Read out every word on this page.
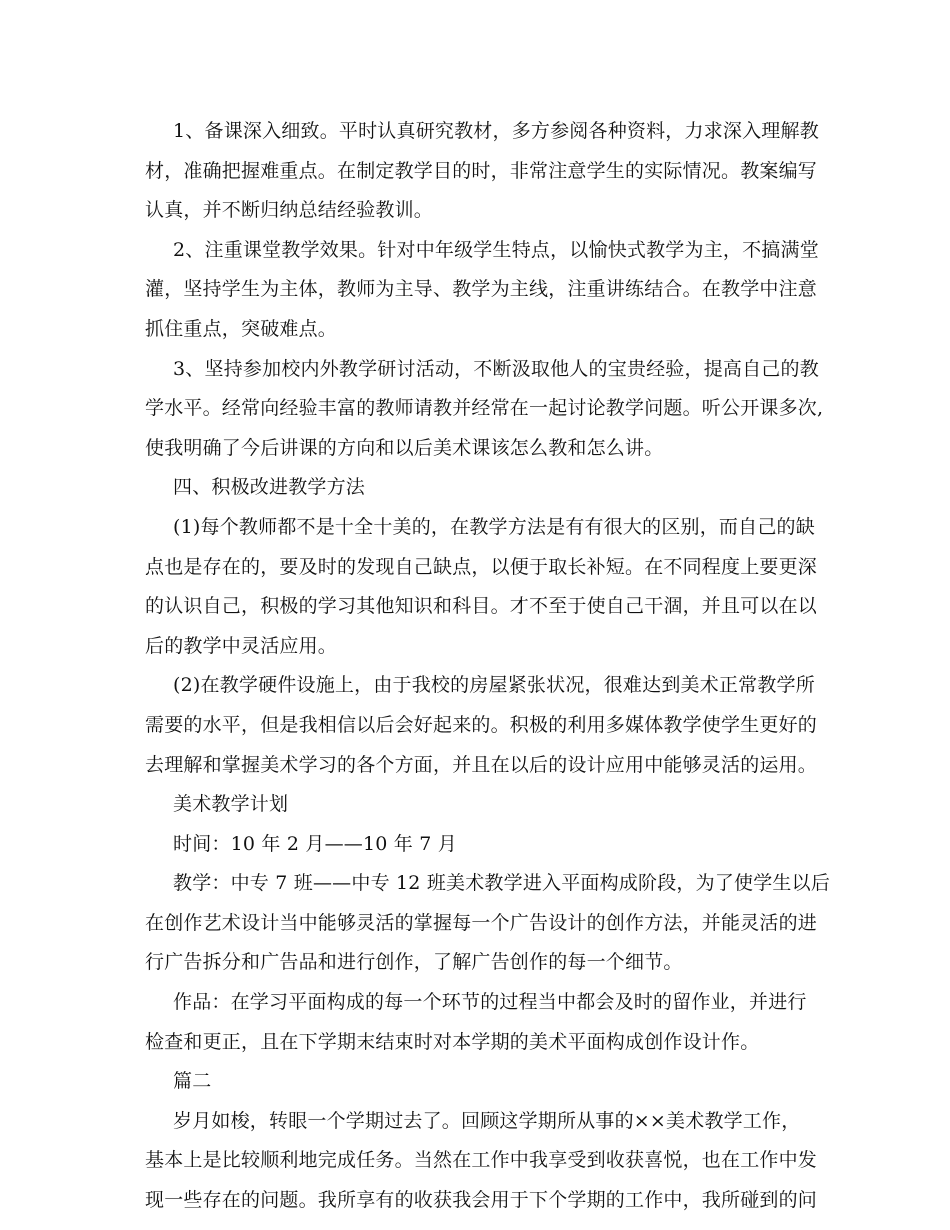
1、备课深入细致。平时认真研究教材，多方参阅各种资料，力求深入理解教
材，准确把握难重点。在制定教学目的时，非常注意学生的实际情况。教案编写
认真，并不断归纳总结经验教训。
2、注重课堂教学效果。针对中年级学生特点，以愉快式教学为主，不搞满堂
灌，坚持学生为主体，教师为主导、教学为主线，注重讲练结合。在教学中注意
抓住重点，突破难点。
3、坚持参加校内外教学研讨活动，不断汲取他人的宝贵经验，提高自己的教
学水平。经常向经验丰富的教师请教并经常在一起讨论教学问题。听公开课多次,
使我明确了今后讲课的方向和以后美术课该怎么教和怎么讲。
四、积极改进教学方法
(1)每个教师都不是十全十美的，在教学方法是有有很大的区别，而自己的缺
点也是存在的，要及时的发现自己缺点，以便于取长补短。在不同程度上要更深
的认识自己，积极的学习其他知识和科目。才不至于使自己干涸，并且可以在以
后的教学中灵活应用。
(2)在教学硬件设施上，由于我校的房屋紧张状况，很难达到美术正常教学所
需要的水平，但是我相信以后会好起来的。积极的利用多媒体教学使学生更好的
去理解和掌握美术学习的各个方面，并且在以后的设计应用中能够灵活的运用。
美术教学计划
时间：10 年 2 月——10 年 7 月
教学：中专 7 班——中专 12 班美术教学进入平面构成阶段，为了使学生以后
在创作艺术设计当中能够灵活的掌握每一个广告设计的创作方法，并能灵活的进
行广告拆分和广告品和进行创作，了解广告创作的每一个细节。
作品：在学习平面构成的每一个环节的过程当中都会及时的留作业，并进行
检查和更正，且在下学期末结束时对本学期的美术平面构成创作设计作。
篇二
岁月如梭，转眼一个学期过去了。回顾这学期所从事的××美术教学工作，
基本上是比较顺利地完成任务。当然在工作中我享受到收获喜悦，也在工作中发
现一些存在的问题。我所享有的收获我会用于下个学期的工作中，我所碰到的问
